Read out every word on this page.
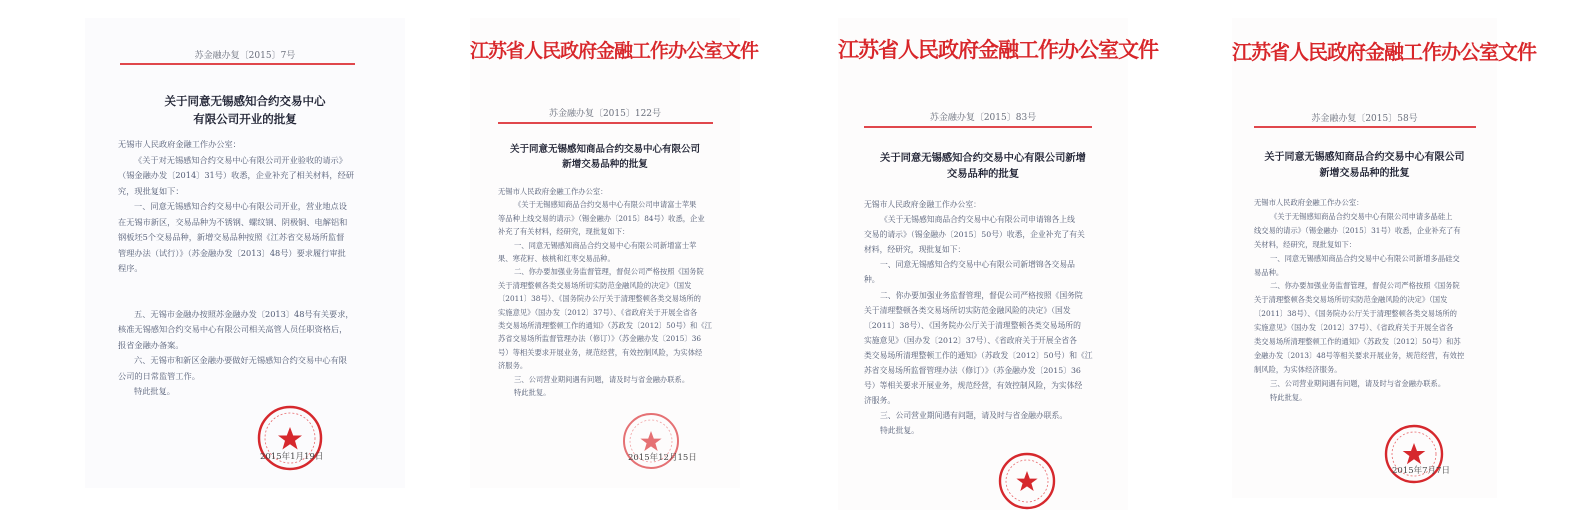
苏金融办复〔2015〕7号
关于同意无锡感知合约交易中心
有限公司开业的批复

无锡市人民政府金融工作办公室：

《关于对无锡感知合约交易中心有限公司开业验收的请示》

（锡金融办发〔2014〕31号）收悉，企业补充了相关材料，经研

究，现批复如下：

一、同意无锡感知合约交易中心有限公司开业，营业地点设

在无锡市新区，交易品种为不锈钢、螺纹钢、阴极铜、电解铝和

钢板坯5个交易品种，新增交易品种按照《江苏省交易场所监督

管理办法（试行）》（苏金融办发〔2013〕48号）要求履行审批

程序。

五、无锡市金融办按照苏金融办发〔2013〕48号有关要求，

核准无锡感知合约交易中心有限公司相关高管人员任职资格后，

报省金融办备案。

六、无锡市和新区金融办要做好无锡感知合约交易中心有限

公司的日常监管工作。

特此批复。

2015年1月19日
江苏省人民政府金融工作办公室文件
苏金融办复〔2015〕122号
关于同意无锡感知商品合约交易中心有限公司
新增交易品种的批复

无锡市人民政府金融工作办公室：

《关于无锡感知商品合约交易中心有限公司申请富士苹果

等品种上线交易的请示》（锡金融办〔2015〕84号）收悉，企业

补充了有关材料，经研究，现批复如下：

一、同意无锡感知商品合约交易中心有限公司新增富士苹

果、寒花籽、核桃和红枣交易品种。

二、你办要加强业务监督管理，督促公司严格按照《国务院

关于清理整顿各类交易场所切实防范金融风险的决定》（国发

〔2011〕38号）、《国务院办公厅关于清理整顿各类交易场所的

实施意见》（国办发〔2012〕37号）、《省政府关于开展全省各

类交易场所清理整顿工作的通知》（苏政发〔2012〕50号）和《江

苏省交易场所监督管理办法（修订）》（苏金融办发〔2015〕36

号）等相关要求开展业务，规范经营，有效控制风险，为实体经

济服务。

三、公司营业期间遇有问题，请及时与省金融办联系。

特此批复。

2015年12月15日
江苏省人民政府金融工作办公室文件
苏金融办复〔2015〕83号
关于同意无锡感知合约交易中心有限公司新增
交易品种的批复

无锡市人民政府金融工作办公室：

《关于无锡感知商品合约交易中心有限公司申请锦各上线

交易的请示》（锡金融办〔2015〕50号）收悉，企业补充了有关

材料，经研究，现批复如下：

一、同意无锡感知合约交易中心有限公司新增锦各交易品

种。

二、你办要加强业务监督管理，督促公司严格按照《国务院

关于清理整顿各类交易场所切实防范金融风险的决定》（国发

〔2011〕38号）、《国务院办公厅关于清理整顿各类交易场所的

实施意见》（国办发〔2012〕37号）、《省政府关于开展全省各

类交易场所清理整顿工作的通知》（苏政发〔2012〕50号）和《江

苏省交易场所监督管理办法（修订）》（苏金融办发〔2015〕36

号）等相关要求开展业务，规范经营，有效控制风险，为实体经

济服务。

三、公司营业期间遇有问题，请及时与省金融办联系。

特此批复。

江苏省人民政府金融工作办公室文件
苏金融办复〔2015〕58号
关于同意无锡感知商品合约交易中心有限公司
新增交易品种的批复

无锡市人民政府金融工作办公室：

《关于无锡感知商品合约交易中心有限公司申请多晶硅上

线交易的请示》（锡金融办〔2015〕31号）收悉，企业补充了有

关材料，经研究，现批复如下：

一、同意无锡感知商品合约交易中心有限公司新增多晶硅交

易品种。

二、你办要加强业务监督管理，督促公司严格按照《国务院

关于清理整顿各类交易场所切实防范金融风险的决定》（国发

〔2011〕38号）、《国务院办公厅关于清理整顿各类交易场所的

实施意见》（国办发〔2012〕37号）、《省政府关于开展全省各

类交易场所清理整顿工作的通知》（苏政发〔2012〕50号）和苏

金融办发〔2013〕48号等相关要求开展业务，规范经营，有效控

制风险，为实体经济服务。

三、公司营业期间遇有问题，请及时与省金融办联系。

特此批复。

2015年7月7日
